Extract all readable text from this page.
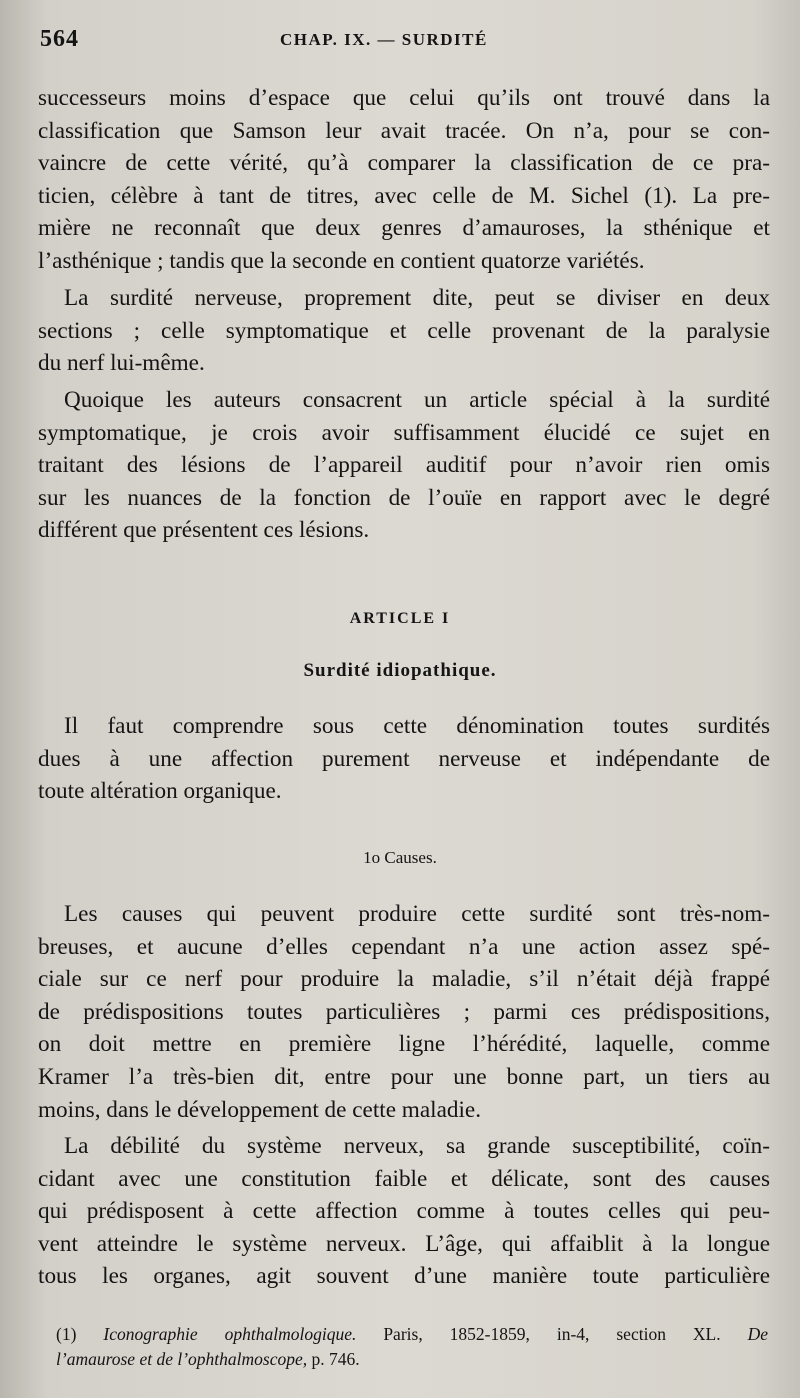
564	CHAP. IX. — SURDITÉ
successeurs moins d’espace que celui qu’ils ont trouvé dans la
classification que Samson leur avait tracée. On n’a, pour se con-
vaincre de cette vérité, qu’à comparer la classification de ce pra-
ticien, célèbre à tant de titres, avec celle de M. Sichel (1). La pre-
mière ne reconnaît que deux genres d’amauroses, la sthénique et
l’asthénique ; tandis que la seconde en contient quatorze variétés.
La surdité nerveuse, proprement dite, peut se diviser en deux
sections ; celle symptomatique et celle provenant de la paralysie
du nerf lui-même.
Quoique les auteurs consacrent un article spécial à la surdité
symptomatique, je crois avoir suffisamment élucidé ce sujet en
traitant des lésions de l’appareil auditif pour n’avoir rien omis
sur les nuances de la fonction de l’ouïe en rapport avec le degré
différent que présentent ces lésions.
ARTICLE I
Surdité idiopathique.
Il faut comprendre sous cette dénomination toutes surdités
dues à une affection purement nerveuse et indépendante de
toute altération organique.
1o Causes.
Les causes qui peuvent produire cette surdité sont très-nom-
breuses, et aucune d’elles cependant n’a une action assez spé-
ciale sur ce nerf pour produire la maladie, s’il n’était déjà frappé
de prédispositions toutes particulières ; parmi ces prédispositions,
on doit mettre en première ligne l’hérédité, laquelle, comme
Kramer l’a très-bien dit, entre pour une bonne part, un tiers au
moins, dans le développement de cette maladie.
La débilité du système nerveux, sa grande susceptibilité, coïn-
cidant avec une constitution faible et délicate, sont des causes
qui prédisposent à cette affection comme à toutes celles qui peu-
vent atteindre le système nerveux. L’âge, qui affaiblit à la longue
tous les organes, agit souvent d’une manière toute particulière
(1) Iconographie ophthalmologique. Paris, 1852-1859, in-4, section XL. De
l’amaurose et de l’ophthalmoscope, p. 746.
